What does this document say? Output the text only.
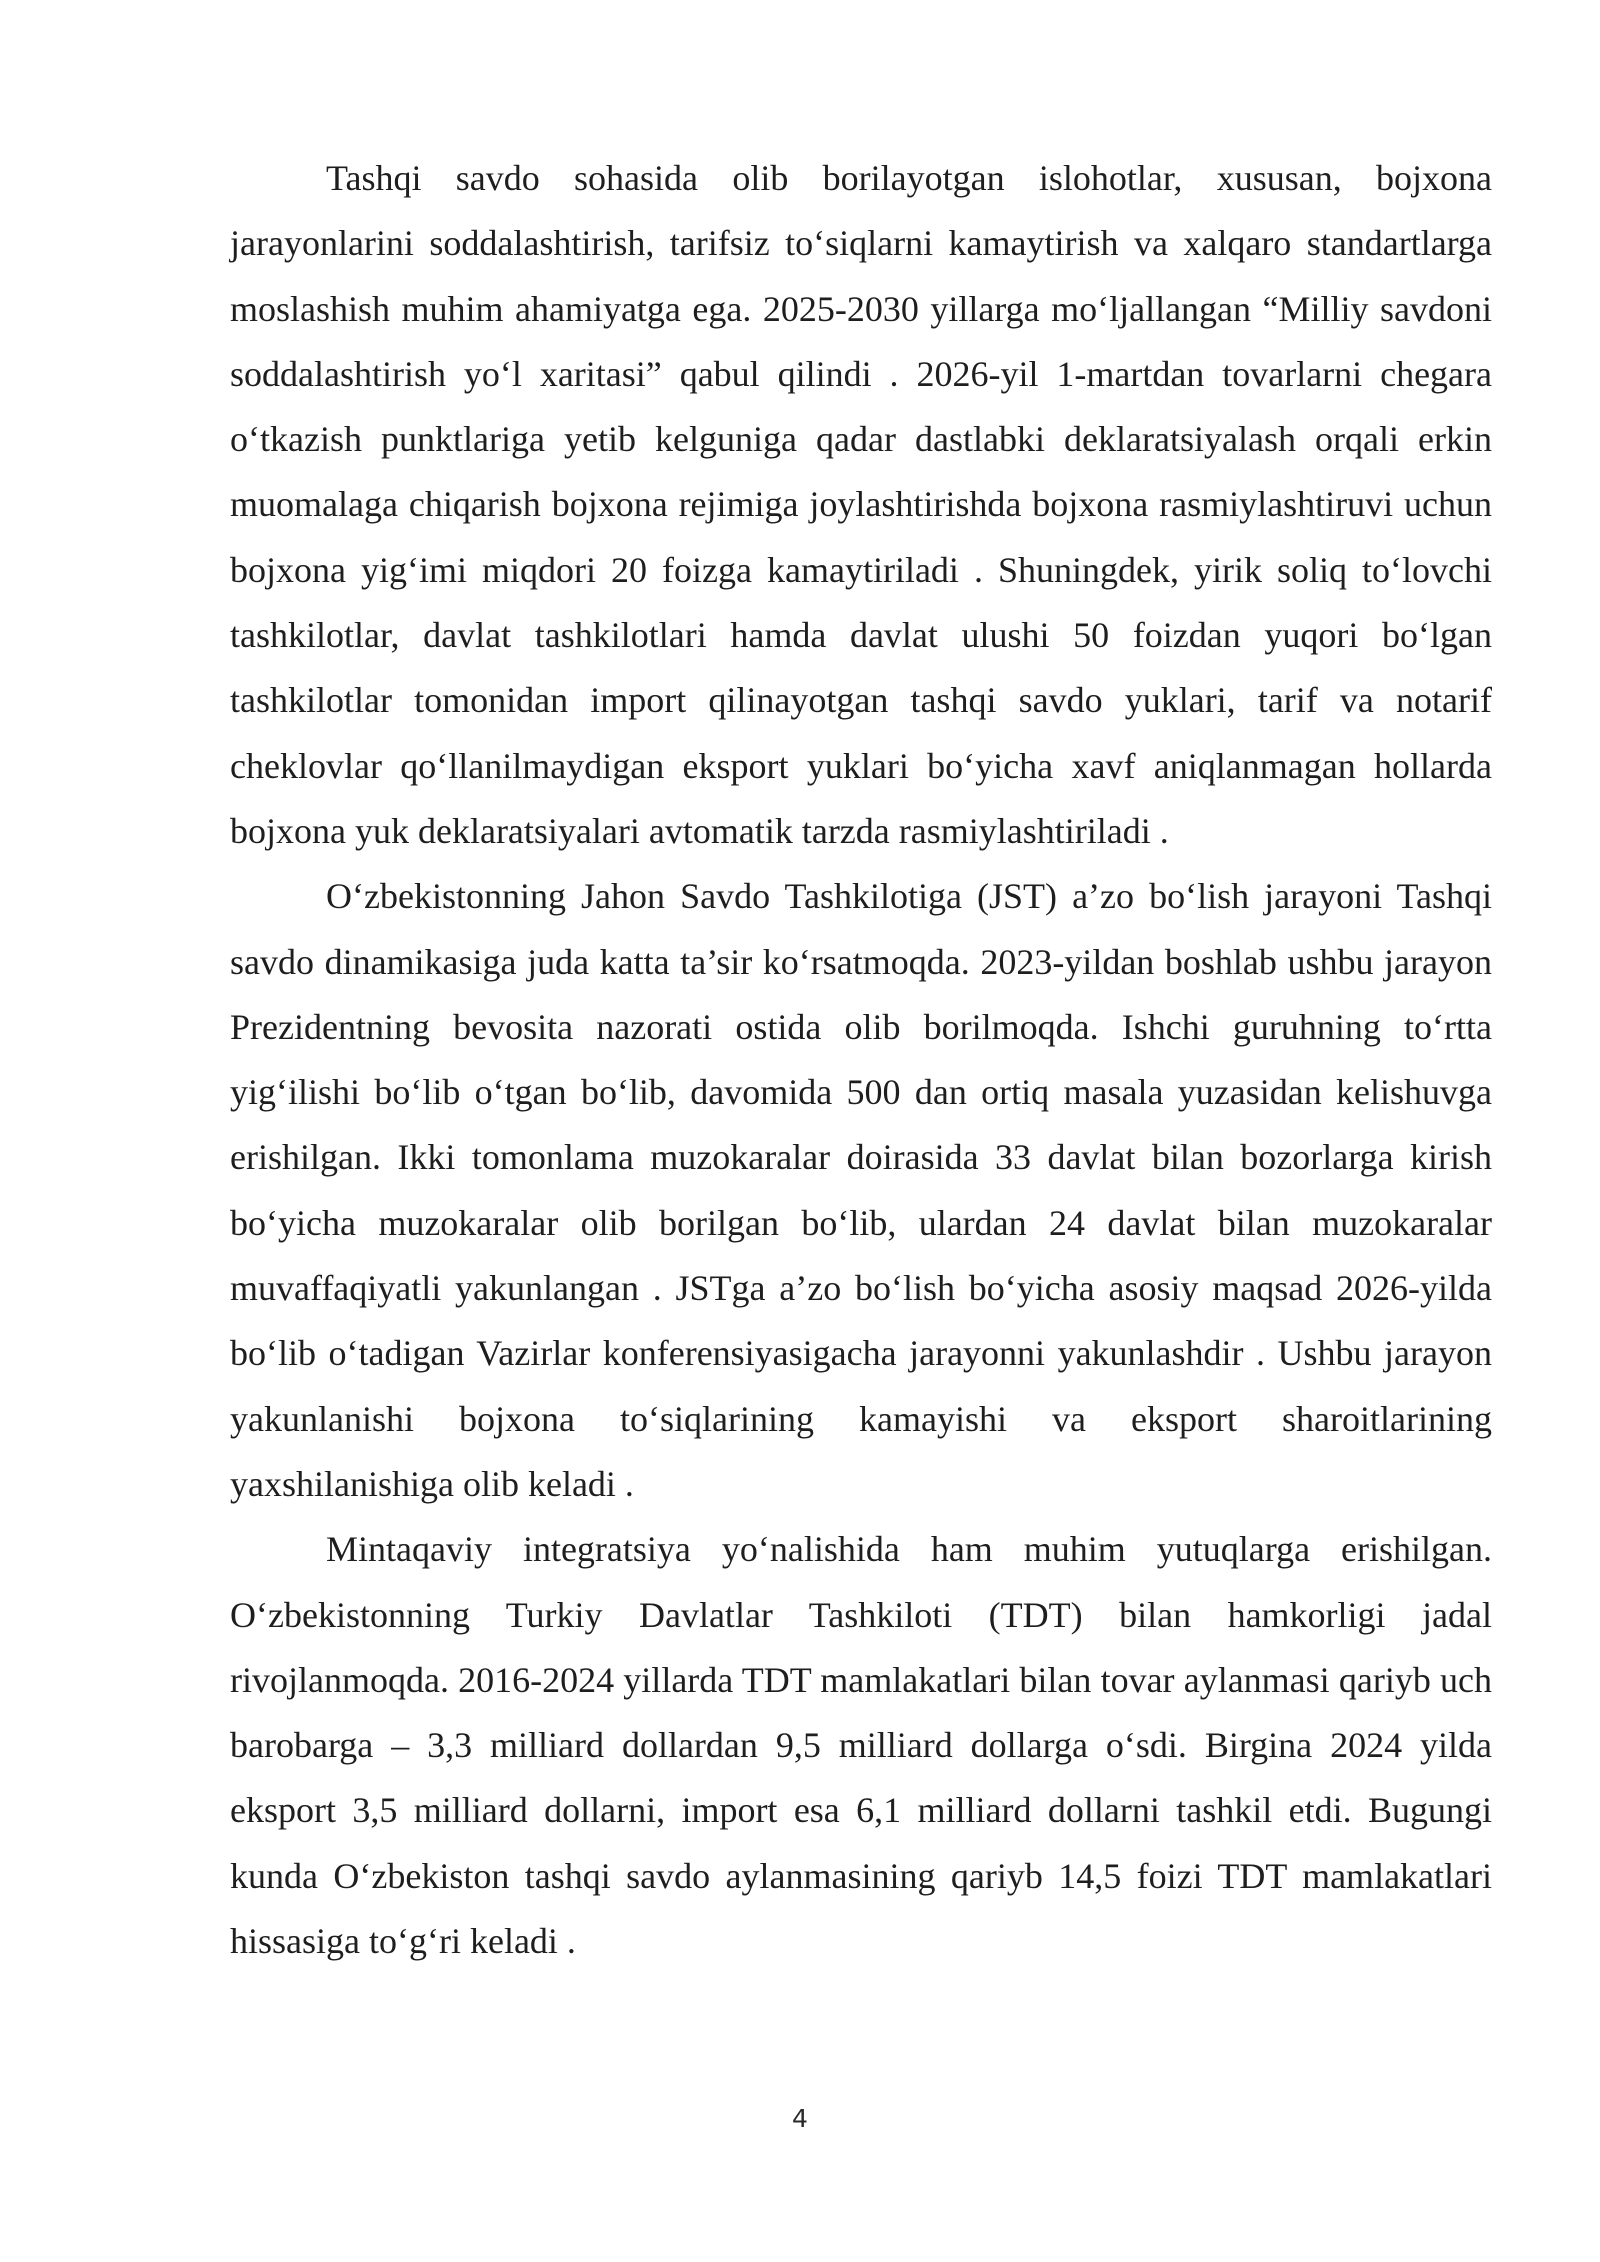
Tashqi savdo sohasida olib borilayotgan islohotlar, xususan, bojxona jarayonlarini soddalashtirish, tarifsiz to‘siqlarni kamaytirish va xalqaro standartlarga moslashish muhim ahamiyatga ega. 2025-2030 yillarga mo‘ljallangan “Milliy savdoni soddalashtirish yo‘l xaritasi” qabul qilindi . 2026-yil 1-martdan tovarlarni chegara o‘tkazish punktlariga yetib kelguniga qadar dastlabki deklaratsiyalash orqali erkin muomalaga chiqarish bojxona rejimiga joylashtirishda bojxona rasmiylashtiruvi uchun bojxona yig‘imi miqdori 20 foizga kamaytiriladi . Shuningdek, yirik soliq to‘lovchi tashkilotlar, davlat tashkilotlari hamda davlat ulushi 50 foizdan yuqori bo‘lgan tashkilotlar tomonidan import qilinayotgan tashqi savdo yuklari, tarif va notarif cheklovlar qo‘llanilmaydigan eksport yuklari bo‘yicha xavf aniqlanmagan hollarda bojxona yuk deklaratsiyalari avtomatik tarzda rasmiylashtiriladi .

O‘zbekistonning Jahon Savdo Tashkilotiga (JST) a’zo bo‘lish jarayoni Tashqi savdo dinamikasiga juda katta ta’sir ko‘rsatmoqda. 2023-yildan boshlab ushbu jarayon Prezidentning bevosita nazorati ostida olib borilmoqda. Ishchi guruhning to‘rtta yig‘ilishi bo‘lib o‘tgan bo‘lib, davomida 500 dan ortiq masala yuzasidan kelishuvga erishilgan. Ikki tomonlama muzokaralar doirasida 33 davlat bilan bozorlarga kirish bo‘yicha muzokaralar olib borilgan bo‘lib, ulardan 24 davlat bilan muzokaralar muvaffaqiyatli yakunlangan . JSTga a’zo bo‘lish bo‘yicha asosiy maqsad 2026-yilda bo‘lib o‘tadigan Vazirlar konferensiyasigacha jarayonni yakunlashdir . Ushbu jarayon yakunlanishi bojxona to‘siqlarining kamayishi va eksport sharoitlarining yaxshilanishiga olib keladi .

Mintaqaviy integratsiya yo‘nalishida ham muhim yutuqlarga erishilgan. O‘zbekistonning Turkiy Davlatlar Tashkiloti (TDT) bilan hamkorligi jadal rivojlanmoqda. 2016-2024 yillarda TDT mamlakatlari bilan tovar aylanmasi qariyb uch barobarga – 3,3 milliard dollardan 9,5 milliard dollarga o‘sdi. Birgina 2024 yilda eksport 3,5 milliard dollarni, import esa 6,1 milliard dollarni tashkil etdi. Bugungi kunda O‘zbekiston tashqi savdo aylanmasining qariyb 14,5 foizi TDT mamlakatlari hissasiga to‘g‘ri keladi .

4
